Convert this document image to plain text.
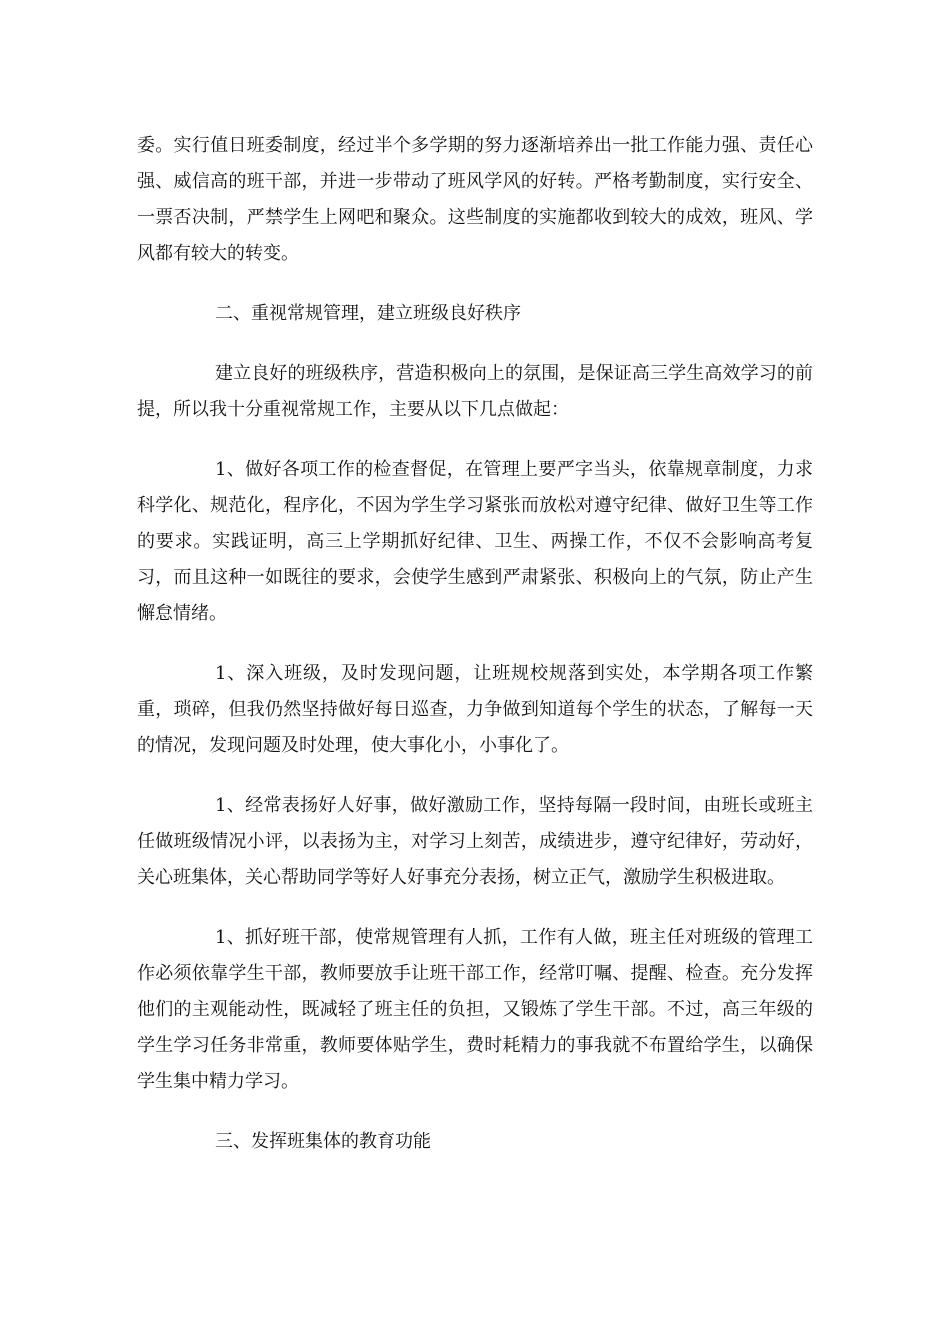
委。实行值日班委制度，经过半个多学期的努力逐渐培养出一批工作能力强、责任心强、威信高的班干部，并进一步带动了班风学风的好转。严格考勤制度，实行安全、一票否决制，严禁学生上网吧和聚众。这些制度的实施都收到较大的成效，班风、学风都有较大的转变。

二、重视常规管理，建立班级良好秩序

建立良好的班级秩序，营造积极向上的氛围，是保证高三学生高效学习的前提，所以我十分重视常规工作，主要从以下几点做起：

1、做好各项工作的检查督促，在管理上要严字当头，依靠规章制度，力求科学化、规范化，程序化，不因为学生学习紧张而放松对遵守纪律、做好卫生等工作的要求。实践证明，高三上学期抓好纪律、卫生、两操工作，不仅不会影响高考复习，而且这种一如既往的要求，会使学生感到严肃紧张、积极向上的气氛，防止产生懈怠情绪。

1、深入班级，及时发现问题，让班规校规落到实处，本学期各项工作繁重，琐碎，但我仍然坚持做好每日巡查，力争做到知道每个学生的状态，了解每一天的情况，发现问题及时处理，使大事化小，小事化了。

1、经常表扬好人好事，做好激励工作，坚持每隔一段时间，由班长或班主任做班级情况小评，以表扬为主，对学习上刻苦，成绩进步，遵守纪律好，劳动好，关心班集体，关心帮助同学等好人好事充分表扬，树立正气，激励学生积极进取。

1、抓好班干部，使常规管理有人抓，工作有人做，班主任对班级的管理工作必须依靠学生干部，教师要放手让班干部工作，经常叮嘱、提醒、检查。充分发挥他们的主观能动性，既减轻了班主任的负担，又锻炼了学生干部。不过，高三年级的学生学习任务非常重，教师要体贴学生，费时耗精力的事我就不布置给学生，以确保学生集中精力学习。

三、发挥班集体的教育功能
